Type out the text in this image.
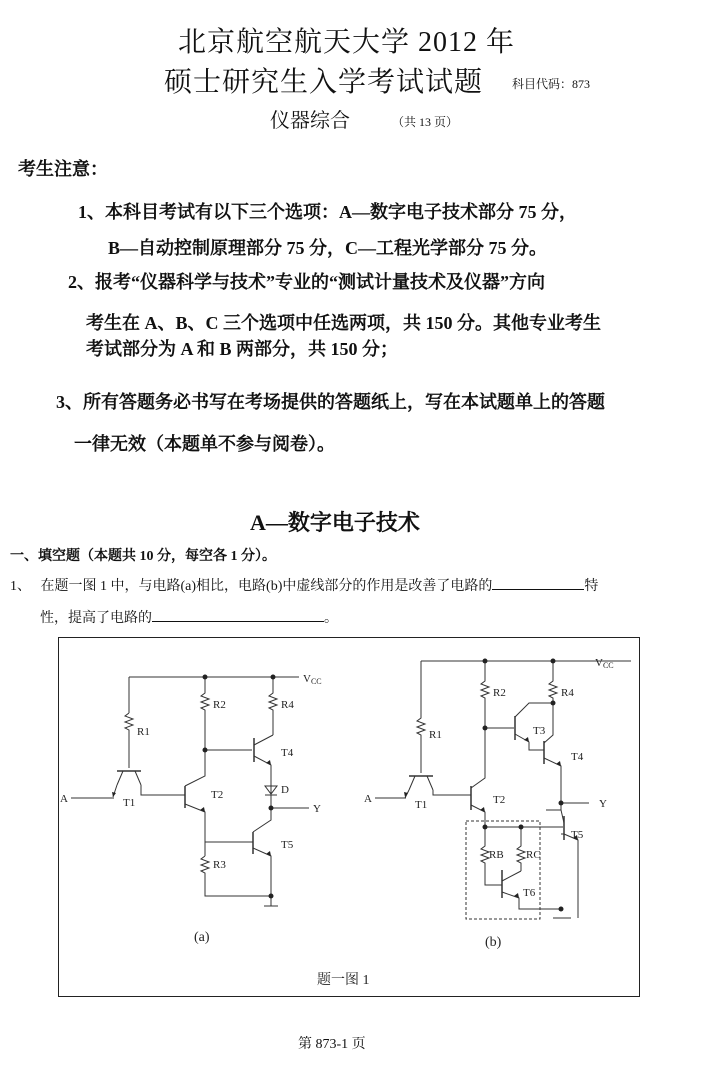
北京航空航天大学 2012 年
硕士研究生入学考试试题 科目代码：873
仪器综合	（共 13 页）
考生注意：
1、本科目考试有以下三个选项：A—数字电子技术部分 75 分，
B—自动控制原理部分 75 分，C—工程光学部分 75 分。
2、报考“仪器科学与技术”专业的“测试计量技术及仪器”方向
考生在 A、B、C 三个选项中任选两项，共 150 分。其他专业考生
考试部分为 A 和 B 两部分，共 150 分；
3、所有答题务必书写在考场提供的答题纸上，写在本试题单上的答题
一律无效（本题单不参与阅卷）。
A—数字电子技术
一、填空题（本题共 10 分，每空各 1 分）。
1、 在题一图 1 中，与电路(a)相比，电路(b)中虚线部分的作用是改善了电路的	特
性，提高了电路的	。
VCC
R1
R2
R3
R4
T1
T2
T4
T5
D
A
Y
(a)
VCC
R1
R2	R4
RB RC
T1	T2
T3
T4
T5
T6
A	Y
(b)
题一图 1
第 873-1 页
